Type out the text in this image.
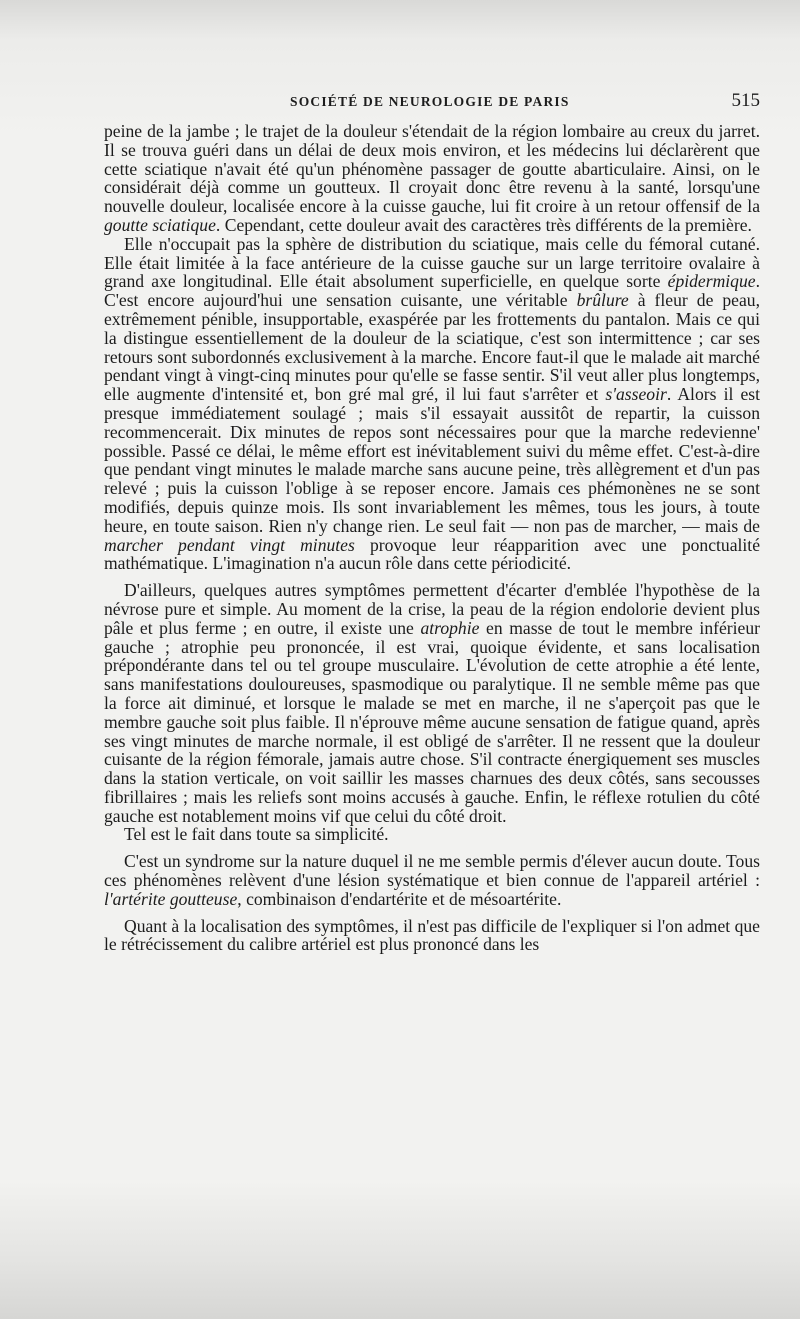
SOCIÉTÉ DE NEUROLOGIE DE PARIS	515

peine de la jambe ; le trajet de la douleur s'étendait de la région lombaire au creux du jarret. Il se trouva guéri dans un délai de deux mois environ, et les médecins lui déclarèrent que cette sciatique n'avait été qu'un phénomène passager de goutte abarticulaire. Ainsi, on le considérait déjà comme un goutteux. Il croyait donc être revenu à la santé, lorsqu'une nouvelle douleur, localisée encore à la cuisse gauche, lui fit croire à un retour offensif de la goutte sciatique. Cependant, cette douleur avait des caractères très différents de la première.

Elle n'occupait pas la sphère de distribution du sciatique, mais celle du fémoral cutané. Elle était limitée à la face antérieure de la cuisse gauche sur un large territoire ovalaire à grand axe longitudinal. Elle était absolument superficielle, en quelque sorte épidermique. C'est encore aujourd'hui une sensation cuisante, une véritable brûlure à fleur de peau, extrêmement pénible, insupportable, exaspérée par les frottements du pantalon. Mais ce qui la distingue essentiellement de la douleur de la sciatique, c'est son intermittence ; car ses retours sont subordonnés exclusivement à la marche. Encore faut-il que le malade ait marché pendant vingt à vingt-cinq minutes pour qu'elle se fasse sentir. S'il veut aller plus longtemps, elle augmente d'intensité et, bon gré mal gré, il lui faut s'arrêter et s'asseoir. Alors il est presque immédiatement soulagé ; mais s'il essayait aussitôt de repartir, la cuisson recommencerait. Dix minutes de repos sont nécessaires pour que la marche redevienne' possible. Passé ce délai, le même effort est inévitablement suivi du même effet. C'est-à-dire que pendant vingt minutes le malade marche sans aucune peine, très allègrement et d'un pas relevé ; puis la cuisson l'oblige à se reposer encore. Jamais ces phémonènes ne se sont modifiés, depuis quinze mois. Ils sont invariablement les mêmes, tous les jours, à toute heure, en toute saison. Rien n'y change rien. Le seul fait — non pas de marcher, — mais de marcher pendant vingt minutes provoque leur réapparition avec une ponctualité mathématique. L'imagination n'a aucun rôle dans cette périodicité.

D'ailleurs, quelques autres symptômes permettent d'écarter d'emblée l'hypothèse de la névrose pure et simple. Au moment de la crise, la peau de la région endolorie devient plus pâle et plus ferme ; en outre, il existe une atrophie en masse de tout le membre inférieur gauche ; atrophie peu prononcée, il est vrai, quoique évidente, et sans localisation prépondérante dans tel ou tel groupe musculaire. L'évolution de cette atrophie a été lente, sans manifestations douloureuses, spasmodique ou paralytique. Il ne semble même pas que la force ait diminué, et lorsque le malade se met en marche, il ne s'aperçoit pas que le membre gauche soit plus faible. Il n'éprouve même aucune sensation de fatigue quand, après ses vingt minutes de marche normale, il est obligé de s'arrêter. Il ne ressent que la douleur cuisante de la région fémorale, jamais autre chose. S'il contracte énergiquement ses muscles dans la station verticale, on voit saillir les masses charnues des deux côtés, sans secousses fibrillaires ; mais les reliefs sont moins accusés à gauche. Enfin, le réflexe rotulien du côté gauche est notablement moins vif que celui du côté droit.

Tel est le fait dans toute sa simplicité.

C'est un syndrome sur la nature duquel il ne me semble permis d'élever aucun doute. Tous ces phénomènes relèvent d'une lésion systématique et bien connue de l'appareil artériel : l'artérite goutteuse, combinaison d'endartérite et de mésoartérite.

Quant à la localisation des symptômes, il n'est pas difficile de l'expliquer si l'on admet que le rétrécissement du calibre artériel est plus prononcé dans les
